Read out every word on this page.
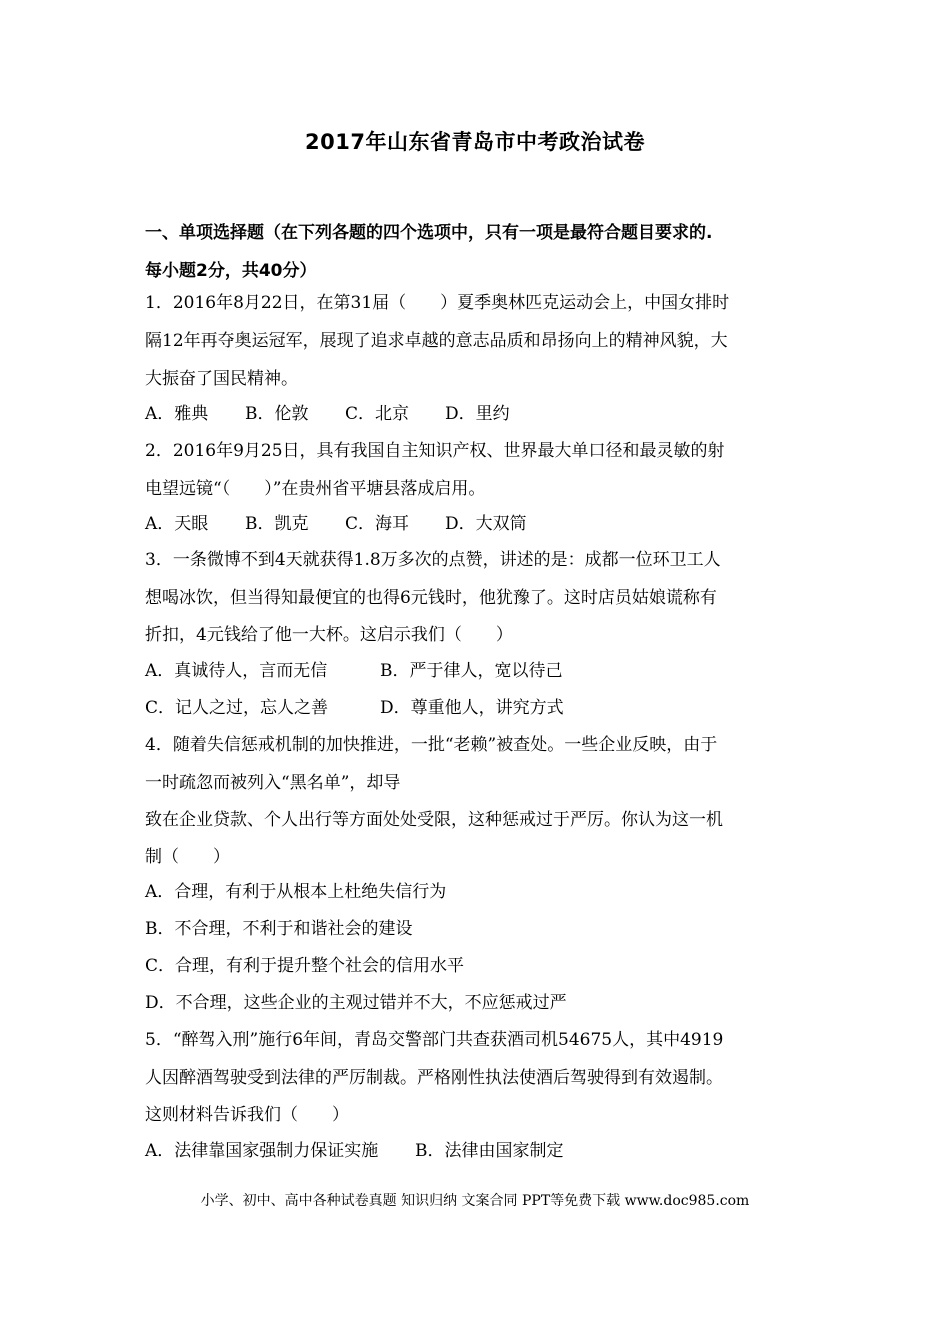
2017年山东省青岛市中考政治试卷
一、单项选择题（在下列各题的四个选项中，只有一项是最符合题目要求的.
每小题2分，共40分）
1．2016年8月22日，在第31届（　　）夏季奥林匹克运动会上，中国女排时
隔12年再夺奥运冠军，展现了追求卓越的意志品质和昂扬向上的精神风貌，大
大振奋了国民精神。
A．雅典 B．伦敦 C．北京 D．里约
2．2016年9月25日，具有我国自主知识产权、世界最大单口径和最灵敏的射
电望远镜“（　　）”在贵州省平塘县落成启用。
A．天眼 B．凯克 C．海耳 D．大双筒
3．一条微博不到4天就获得1.8万多次的点赞，讲述的是：成都一位环卫工人
想喝冰饮，但当得知最便宜的也得6元钱时，他犹豫了。这时店员姑娘谎称有
折扣，4元钱给了他一大杯。这启示我们（　　）
A．真诚待人，言而无信	B．严于律人，宽以待己
C．记人之过，忘人之善	D．尊重他人，讲究方式
4．随着失信惩戒机制的加快推进，一批“老赖”被查处。一些企业反映，由于
一时疏忽而被列入“黑名单”，却导
致在企业贷款、个人出行等方面处处受限，这种惩戒过于严厉。你认为这一机
制（　　）
A．合理，有利于从根本上杜绝失信行为
B．不合理，不利于和谐社会的建设
C．合理，有利于提升整个社会的信用水平
D．不合理，这些企业的主观过错并不大，不应惩戒过严
5．“醉驾入刑”施行6年间，青岛交警部门共查获酒司机54675人，其中4919
人因醉酒驾驶受到法律的严厉制裁。严格刚性执法使酒后驾驶得到有效遏制。
这则材料告诉我们（　　）
A．法律靠国家强制力保证实施 B．法律由国家制定
小学、初中、高中各种试卷真题 知识归纳 文案合同 PPT等免费下载 www.doc985.com
